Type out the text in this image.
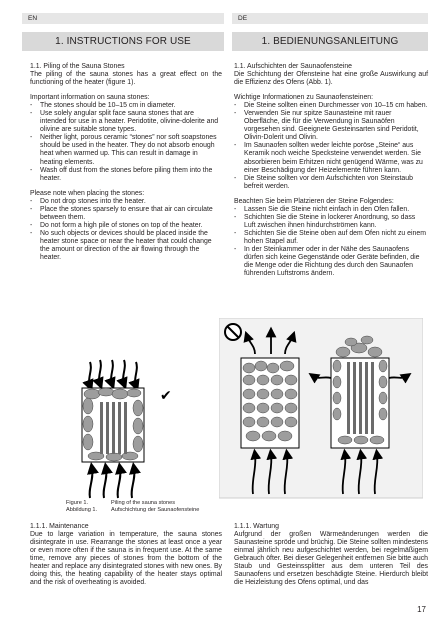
EN	DE
1. INSTRUCTIONS FOR USE	1. BEDIENUNGSANLEITUNG

1.1. Piling of the Sauna Stones

The piling of the sauna stones has a great effect on the functioning of the heater (figure 1).

Important information on sauna stones:

- The stones should be 10–15 cm in diameter.
- Use solely angular split face sauna stones that are intended for use in a heater. Peridotite, olivine-dolerite and olivine are suitable stone types.
- Neither light, porous ceramic “stones” nor soft soapstones should be used in the heater. They do not absorb enough heat when warmed up. This can result in damage in heating elements.
- Wash off dust from the stones before piling them into the heater.

Please note when placing the stones:

- Do not drop stones into the heater.
- Place the stones sparsely to ensure that air can circulate between them.
- Do not form a high pile of stones on top of the heater.
- No such objects or devices should be placed inside the heater stone space or near the heater that could change the amount or direction of the air flowing through the heater.

1.1. Aufschichten der Saunaofensteine

Die Schichtung der Ofensteine hat eine große Auswirkung auf die Effizienz des Ofens (Abb. 1).

Wichtige Informationen zu Saunaofensteinen:

- Die Steine sollten einen Durchmesser von 10–15 cm haben.
- Verwenden Sie nur spitze Saunasteine mit rauer Oberfläche, die für die Verwendung in Saunaöfen vorgesehen sind. Geeignete Gesteinsarten sind Peridotit, Olivin-Dolerit und Olivin.
- Im Saunaofen sollten weder leichte poröse „Steine“ aus Keramik noch weiche Specksteine verwendet werden. Sie absorbieren beim Erhitzen nicht genügend Wärme, was zu einer Beschädigung der Heizelemente führen kann.
- Die Steine sollten vor dem Aufschichten von Steinstaub befreit werden.

Beachten Sie beim Platzieren der Steine Folgendes:

- Lassen Sie die Steine nicht einfach in den Ofen fallen.
- Schichten Sie die Steine in lockerer Anordnung, so dass Luft zwischen ihnen hindurchströmen kann.
- Schichten Sie die Steine oben auf dem Ofen nicht zu einem hohen Stapel auf.
- In der Steinkammer oder in der Nähe des Saunaofens dürfen sich keine Gegenstände oder Geräte befinden, die die Menge oder die Richtung des durch den Saunaofen führenden Luftstroms ändern.
✔
Figure 1.	Piling of the sauna stones
Abbildung 1. Aufschichtung der Saunaofensteine
1.1.1. Maintenance
Due to large variation in temperature, the sauna stones disintegrate in use. Rearrange the stones at least once a year or even more often if the sauna is in frequent use. At the same time, remove any pieces of stones from the bottom of the heater and replace any disintegrated stones with new ones. By doing this, the heating capability of the heater stays optimal and the risk of overheating is avoided.
1.1.1. Wartung
Aufgrund der großen Wärmeänderungen werden die Saunasteine spröde und brüchig. Die Steine sollten mindestens einmal jährlich neu aufgeschichtet werden, bei regelmäßigem Gebrauch öfter. Bei dieser Gelegenheit entfernen Sie bitte auch Staub und Gesteinssplitter aus dem unteren Teil des Saunaofens und ersetzen beschädigte Steine. Hierdurch bleibt die Heizleistung des Ofens optimal, und das
17
